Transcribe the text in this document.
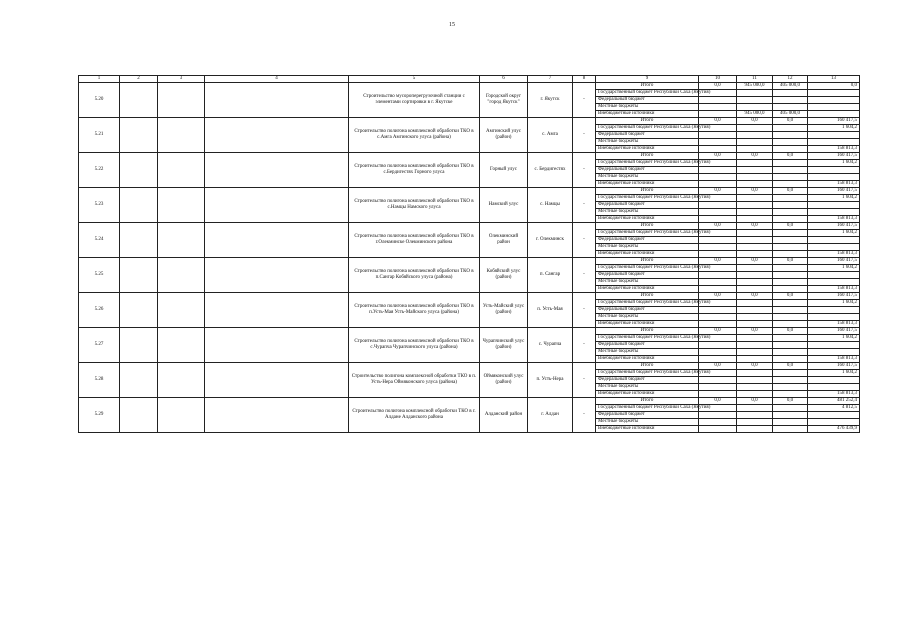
15
1	2	3	4	5	6	7	8	9	10	11	12	13
5.20				Строительство мусороперегрузочной станции с элементами сортировки в г. Якутске	Городской округ "город Якутск"	г. Якутск	-	Итого	0,0	945 000,0	405 000,0	0,0
								Государственный бюджет Республики Саха (Якутия)				
								Федеральный бюджет				
								Местные бюджеты				
								Внебюджетные источники		945 000,0	405 000,0	
5.21				Строительство полигона комплексной обработки ТКО в с.Амга Амгинского улуса (района)	Амгинский улус (район)	с. Амга	-	Итого	0,0	0,0	0,0	160 417,5
								Государственный бюджет Республики Саха (Якутия)				1 604,2
								Федеральный бюджет				
								Местные бюджеты				
								Внебюджетные источники				158 813,3
5.22				Строительство полигона комплексной обработки ТКО в с.Бердигестях Горного улуса	Горный улус	с. Бердигестях	-	Итого	0,0	0,0	0,0	160 417,5
								Государственный бюджет Республики Саха (Якутия)				1 604,2
								Федеральный бюджет				
								Местные бюджеты				
								Внебюджетные источники				158 813,3
5.23				Строительство полигона комплексной обработки ТКО в с.Намцы Намского улуса	Намский улус	с. Намцы	-	Итого	0,0	0,0	0,0	160 417,5
								Государственный бюджет Республики Саха (Якутия)				1 604,2
								Федеральный бюджет				
								Местные бюджеты				
								Внебюджетные источники				158 813,3
5.24				Строительство полигона комплексной обработки ТКО в г.Олекминске Олекминского района	Олекминский район	г. Олекминск	-	Итого	0,0	0,0	0,0	160 417,5
								Государственный бюджет Республики Саха (Якутия)				1 604,2
								Федеральный бюджет				
								Местные бюджеты				
								Внебюджетные источники				158 813,3
5.25				Строительство полигона комплексной обработки ТКО в п.Сангар Кобяйского улуса (района)	Кобяйский улус (район)	п. Сангар	-	Итого	0,0	0,0	0,0	160 417,5
								Государственный бюджет Республики Саха (Якутия)				1 604,2
								Федеральный бюджет				
								Местные бюджеты				
								Внебюджетные источники				158 813,3
5.26				Строительство полигона комплексной обработки ТКО в п.Усть-Мая Усть-Майского улуса (района)	Усть-Майский улус (район)	п. Усть-Мая	-	Итого	0,0	0,0	0,0	160 417,5
								Государственный бюджет Республики Саха (Якутия)				1 604,2
								Федеральный бюджет				
								Местные бюджеты				
								Внебюджетные источники				158 813,3
5.27				Строительство полигона комплексной обработки ТКО в с.Чурапча Чурапчинского улуса (района)	Чурапчинский улус (район)	с. Чурапча	-	Итого	0,0	0,0	0,0	160 417,5
								Государственный бюджет Республики Саха (Якутия)				1 604,2
								Федеральный бюджет				
								Местные бюджеты				
								Внебюджетные источники				158 813,3
5.28				Строительство полигона комплексной обработки ТКО в п. Усть-Нера Оймяконского улуса (района)	Оймяконский улус (район)	п. Усть-Нера	-	Итого	0,0	0,0	0,0	160 417,5
								Государственный бюджет Республики Саха (Якутия)				1 604,2
								Федеральный бюджет				
								Местные бюджеты				
								Внебюджетные источники				158 813,3
5.29				Строительство полигона комплексной обработки ТКО в г. Алдане Алданского района	Алданский район	г. Алдан	-	Итого	0,0	0,0	0,0	481 252,4
								Государственный бюджет Республики Саха (Якутия)				4 812,5
								Федеральный бюджет				
								Местные бюджеты				
								Внебюджетные источники				476 439,9
